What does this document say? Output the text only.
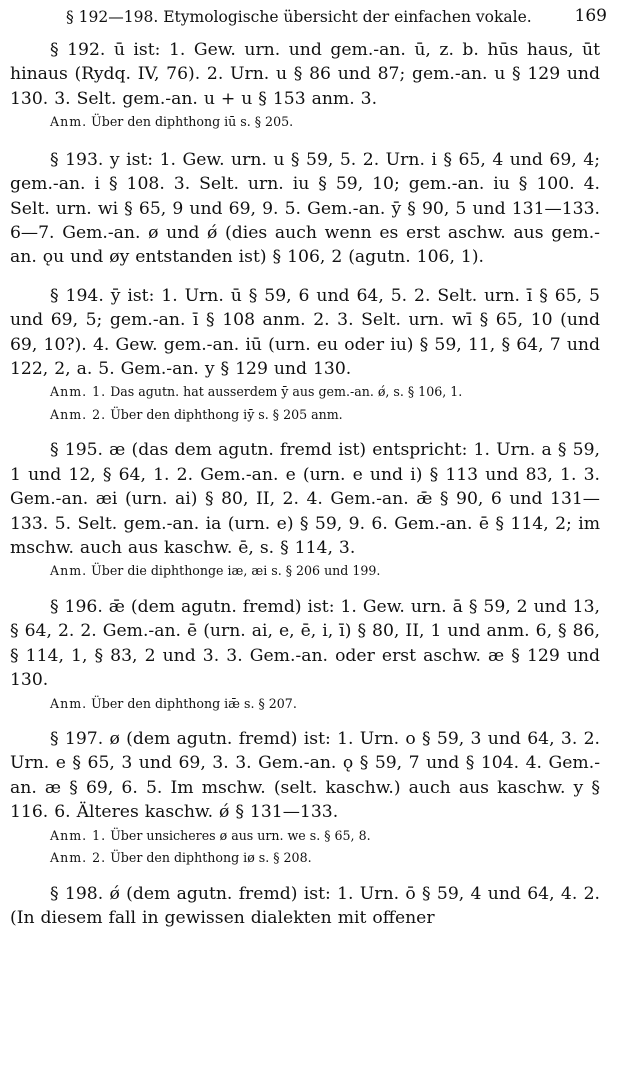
§ 192—198. Etymologische übersicht der einfachen vokale.	169

§ 192. ū ist: 1. Gew. urn. und gem.-an. ū, z. b. hūs haus, ūt hinaus (Rydq. IV, 76). 2. Urn. u § 86 und 87; gem.-an. u § 129 und 130. 3. Selt. gem.-an. u + u § 153 anm. 3.

Anm. Über den diphthong iū s. § 205.

§ 193. y ist: 1. Gew. urn. u § 59, 5. 2. Urn. i § 65, 4 und 69, 4; gem.-an. i § 108. 3. Selt. urn. iu § 59, 10; gem.-an. iu § 100. 4. Selt. urn. wi § 65, 9 und 69, 9. 5. Gem.-an. ȳ § 90, 5 und 131—133. 6—7. Gem.-an. ø und ǿ (dies auch wenn es erst aschw. aus gem.-an. ǫu und øy entstanden ist) § 106, 2 (agutn. 106, 1).

§ 194. ȳ ist: 1. Urn. ū § 59, 6 und 64, 5. 2. Selt. urn. ī § 65, 5 und 69, 5; gem.-an. ī § 108 anm. 2. 3. Selt. urn. wī § 65, 10 (und 69, 10?). 4. Gew. gem.-an. iū (urn. eu oder iu) § 59, 11, § 64, 7 und 122, 2, a. 5. Gem.-an. y § 129 und 130.

Anm. 1. Das agutn. hat ausserdem ȳ aus gem.-an. ǿ, s. § 106, 1.

Anm. 2. Über den diphthong iȳ s. § 205 anm.

§ 195. æ (das dem agutn. fremd ist) entspricht: 1. Urn. a § 59, 1 und 12, § 64, 1. 2. Gem.-an. e (urn. e und i) § 113 und 83, 1. 3. Gem.-an. æi (urn. ai) § 80, II, 2. 4. Gem.-an. ǣ § 90, 6 und 131—133. 5. Selt. gem.-an. ia (urn. e) § 59, 9. 6. Gem.-an. ē § 114, 2; im mschw. auch aus kaschw. ē, s. § 114, 3.

Anm. Über die diphthonge iæ, æi s. § 206 und 199.

§ 196. ǣ (dem agutn. fremd) ist: 1. Gew. urn. ā § 59, 2 und 13, § 64, 2. 2. Gem.-an. ē (urn. ai, e, ē, i, ī) § 80, II, 1 und anm. 6, § 86, § 114, 1, § 83, 2 und 3. 3. Gem.-an. oder erst aschw. æ § 129 und 130.

Anm. Über den diphthong iǣ s. § 207.

§ 197. ø (dem agutn. fremd) ist: 1. Urn. o § 59, 3 und 64, 3. 2. Urn. e § 65, 3 und 69, 3. 3. Gem.-an. ǫ § 59, 7 und § 104. 4. Gem.-an. æ § 69, 6. 5. Im mschw. (selt. kaschw.) auch aus kaschw. y § 116. 6. Älteres kaschw. ǿ § 131—133.

Anm. 1. Über unsicheres ø aus urn. we s. § 65, 8.

Anm. 2. Über den diphthong iø s. § 208.

§ 198. ǿ (dem agutn. fremd) ist: 1. Urn. ō § 59, 4 und 64, 4. 2. (In diesem fall in gewissen dialekten mit offener
